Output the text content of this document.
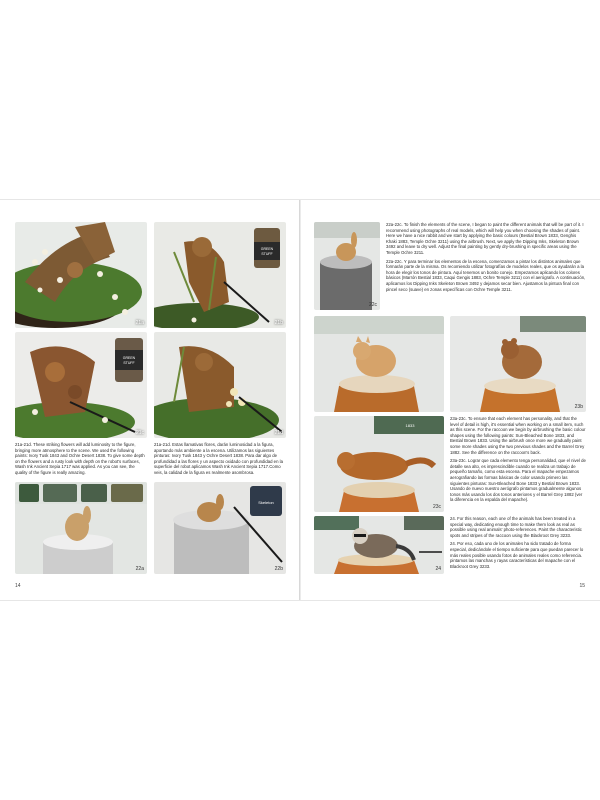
21a
GREEN
STUFF
21b
GREEN
STUFF
21c	21d

21a-21d. These striking flowers will add luminosity to the figure, bringing more atmosphere to the scene. We used the following paints: Ivory Tusk 1843 and Ochre Desert 1838. To give some depth on the flowers and a rusty look with depth on the robot's surfaces, Wash Ink Ancient Sepia 1717 was applied. As you can see, the quality of the figure is really amazing.

21a-21d. Estas llamativas flores, darán luminosidad a la figura, aportando más ambiente a la escena. Utilizamos las siguientes pinturas: Ivory Tusk 1843 y Ochre Desert 1838. Para dar algo de profundidad a las flores y un aspecto oxidado con profundidad en la superficie del robot aplicamos Wash Ink Ancient Sepia 1717.Como veis, la calidad de la figura es realmente asombrosa.

22a
Skeleton
22b
14
22c

22a-22c. To finish the elements of the scene, I began to paint the different animals that will be part of it. I recommend using photographs of real models, which will help you when choosing the shades of paint. Here we have a nice rabbit and we start by applying the basic colours (Bestial Brown 1833, Genghis Khaki 1883, Temple Ochre 3211) using the airbrush. Next, we apply the Dipping Inks, Skeleton Brown 3492 and leave to dry well. Adjust the final painting by gently dry-brushing in specific areas using the Temple Ochre 3211.

22a-22c. Y para terminar los elementos de la escena, comenzamos a pintar los distintos animales que formarán parte de la misma. Os recomiendo utilizar fotografías de modelos reales, que os ayudarán a la hora de elegir los tonos de pintura. Aquí tenemos un bonito conejo. Empezamos aplicando los colores básicos (Marrón Bestial 1833, Caqui Gengis 1883, Ochre Temple 3211) con el aerógrafo. A continuación, aplicamos los Dipping Inks Skeleton Brown 3492 y dejamos secar bien. Ajustamos la pintura final con pincel seco (suave) en zonas específicas con Ochre Temple 3211.

23b
1833
23c

23a-23c. To ensure that each element has personality, and that the level of detail is high, it's essential when working on a small item, such as this scene. For the raccoon we begin by airbrushing the basic colour shapes using the following paints: Sun-Bleached Bone 1833, and Bestial Brown 1833. Using the airbrush once more we gradually paint some more shades using the two previous shades and the Barrel Grey 1882. See the difference on the raccoon's back.

23a-23c. Lograr que cada elemento tenga personalidad, que el nivel de detalle sea alto, es imprescindible cuando se realiza un trabajo de pequeño tamaño, como esta escena. Para el mapache empezamos aerografiando las formas básicas de color usando primero las siguientes pinturas: Sun-Bleached Bone 1833 y Bestial Brown 1833. Usando de nuevo nuestro aerógrafo pintamos gradualmente algunos tonos más usando los dos tonos anteriores y el Barrel Grey 1882 (ver la diferencia en la espalda del mapache).

24

24. For this reason, each one of the animals has been treated in a special way, dedicating enough time to make them look as real as possible using real animals' photo-references. Paint the characteristic spots and stripes of the raccoon using the Blackroot Grey 3233.

24. Por eso, cada uno de los animales ha sido tratado de forma especial, dedicándole el tiempo suficiente para que puedan parecer lo más reales posible usando fotos de animales reales como referencia. pintamos las manchas y rayas características del mapache con el Blackroot Grey 3233.

15
